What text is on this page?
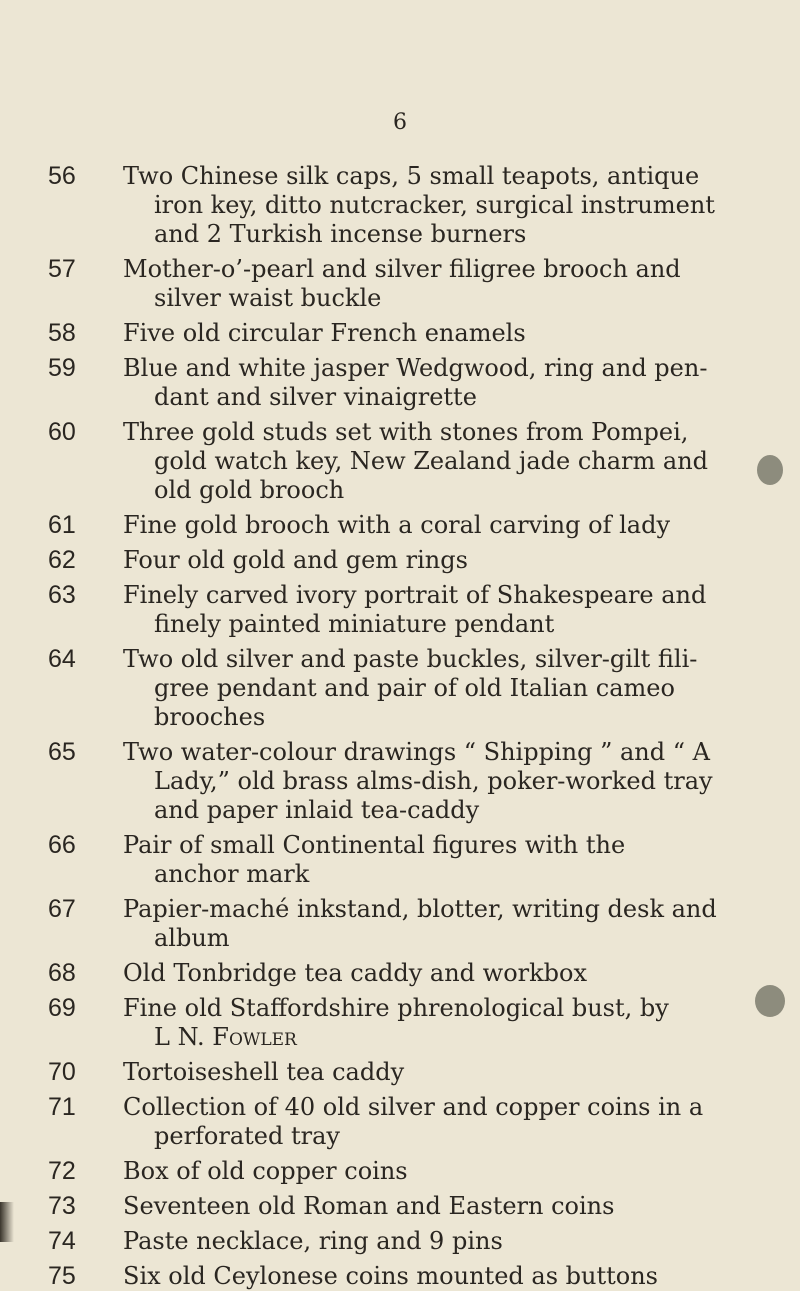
6
56 Two Chinese silk caps, 5 small teapots, antique
iron key, ditto nutcracker, surgical instrument
and 2 Turkish incense burners
57 Mother-o’-pearl and silver filigree brooch and
silver waist buckle
58 Five old circular French enamels
59 Blue and white jasper Wedgwood, ring and pen-
dant and silver vinaigrette
60 Three gold studs set with stones from Pompei,
gold watch key, New Zealand jade charm and
old gold brooch
61 Fine gold brooch with a coral carving of lady
62 Four old gold and gem rings
63 Finely carved ivory portrait of Shakespeare and
finely painted miniature pendant
64 Two old silver and paste buckles, silver-gilt fili-
gree pendant and pair of old Italian cameo
brooches
65 Two water-colour drawings “ Shipping ” and “ A
Lady,” old brass alms-dish, poker-worked tray
and paper inlaid tea-caddy
66 Pair of small Continental figures with the
anchor mark
67 Papier-maché inkstand, blotter, writing desk and
album
68 Old Tonbridge tea caddy and workbox
69 Fine old Staffordshire phrenological bust, by
L N. Fowler
70 Tortoiseshell tea caddy
71 Collection of 40 old silver and copper coins in a
perforated tray
72 Box of old copper coins
73 Seventeen old Roman and Eastern coins
74 Paste necklace, ring and 9 pins
75 Six old Ceylonese coins mounted as buttons
